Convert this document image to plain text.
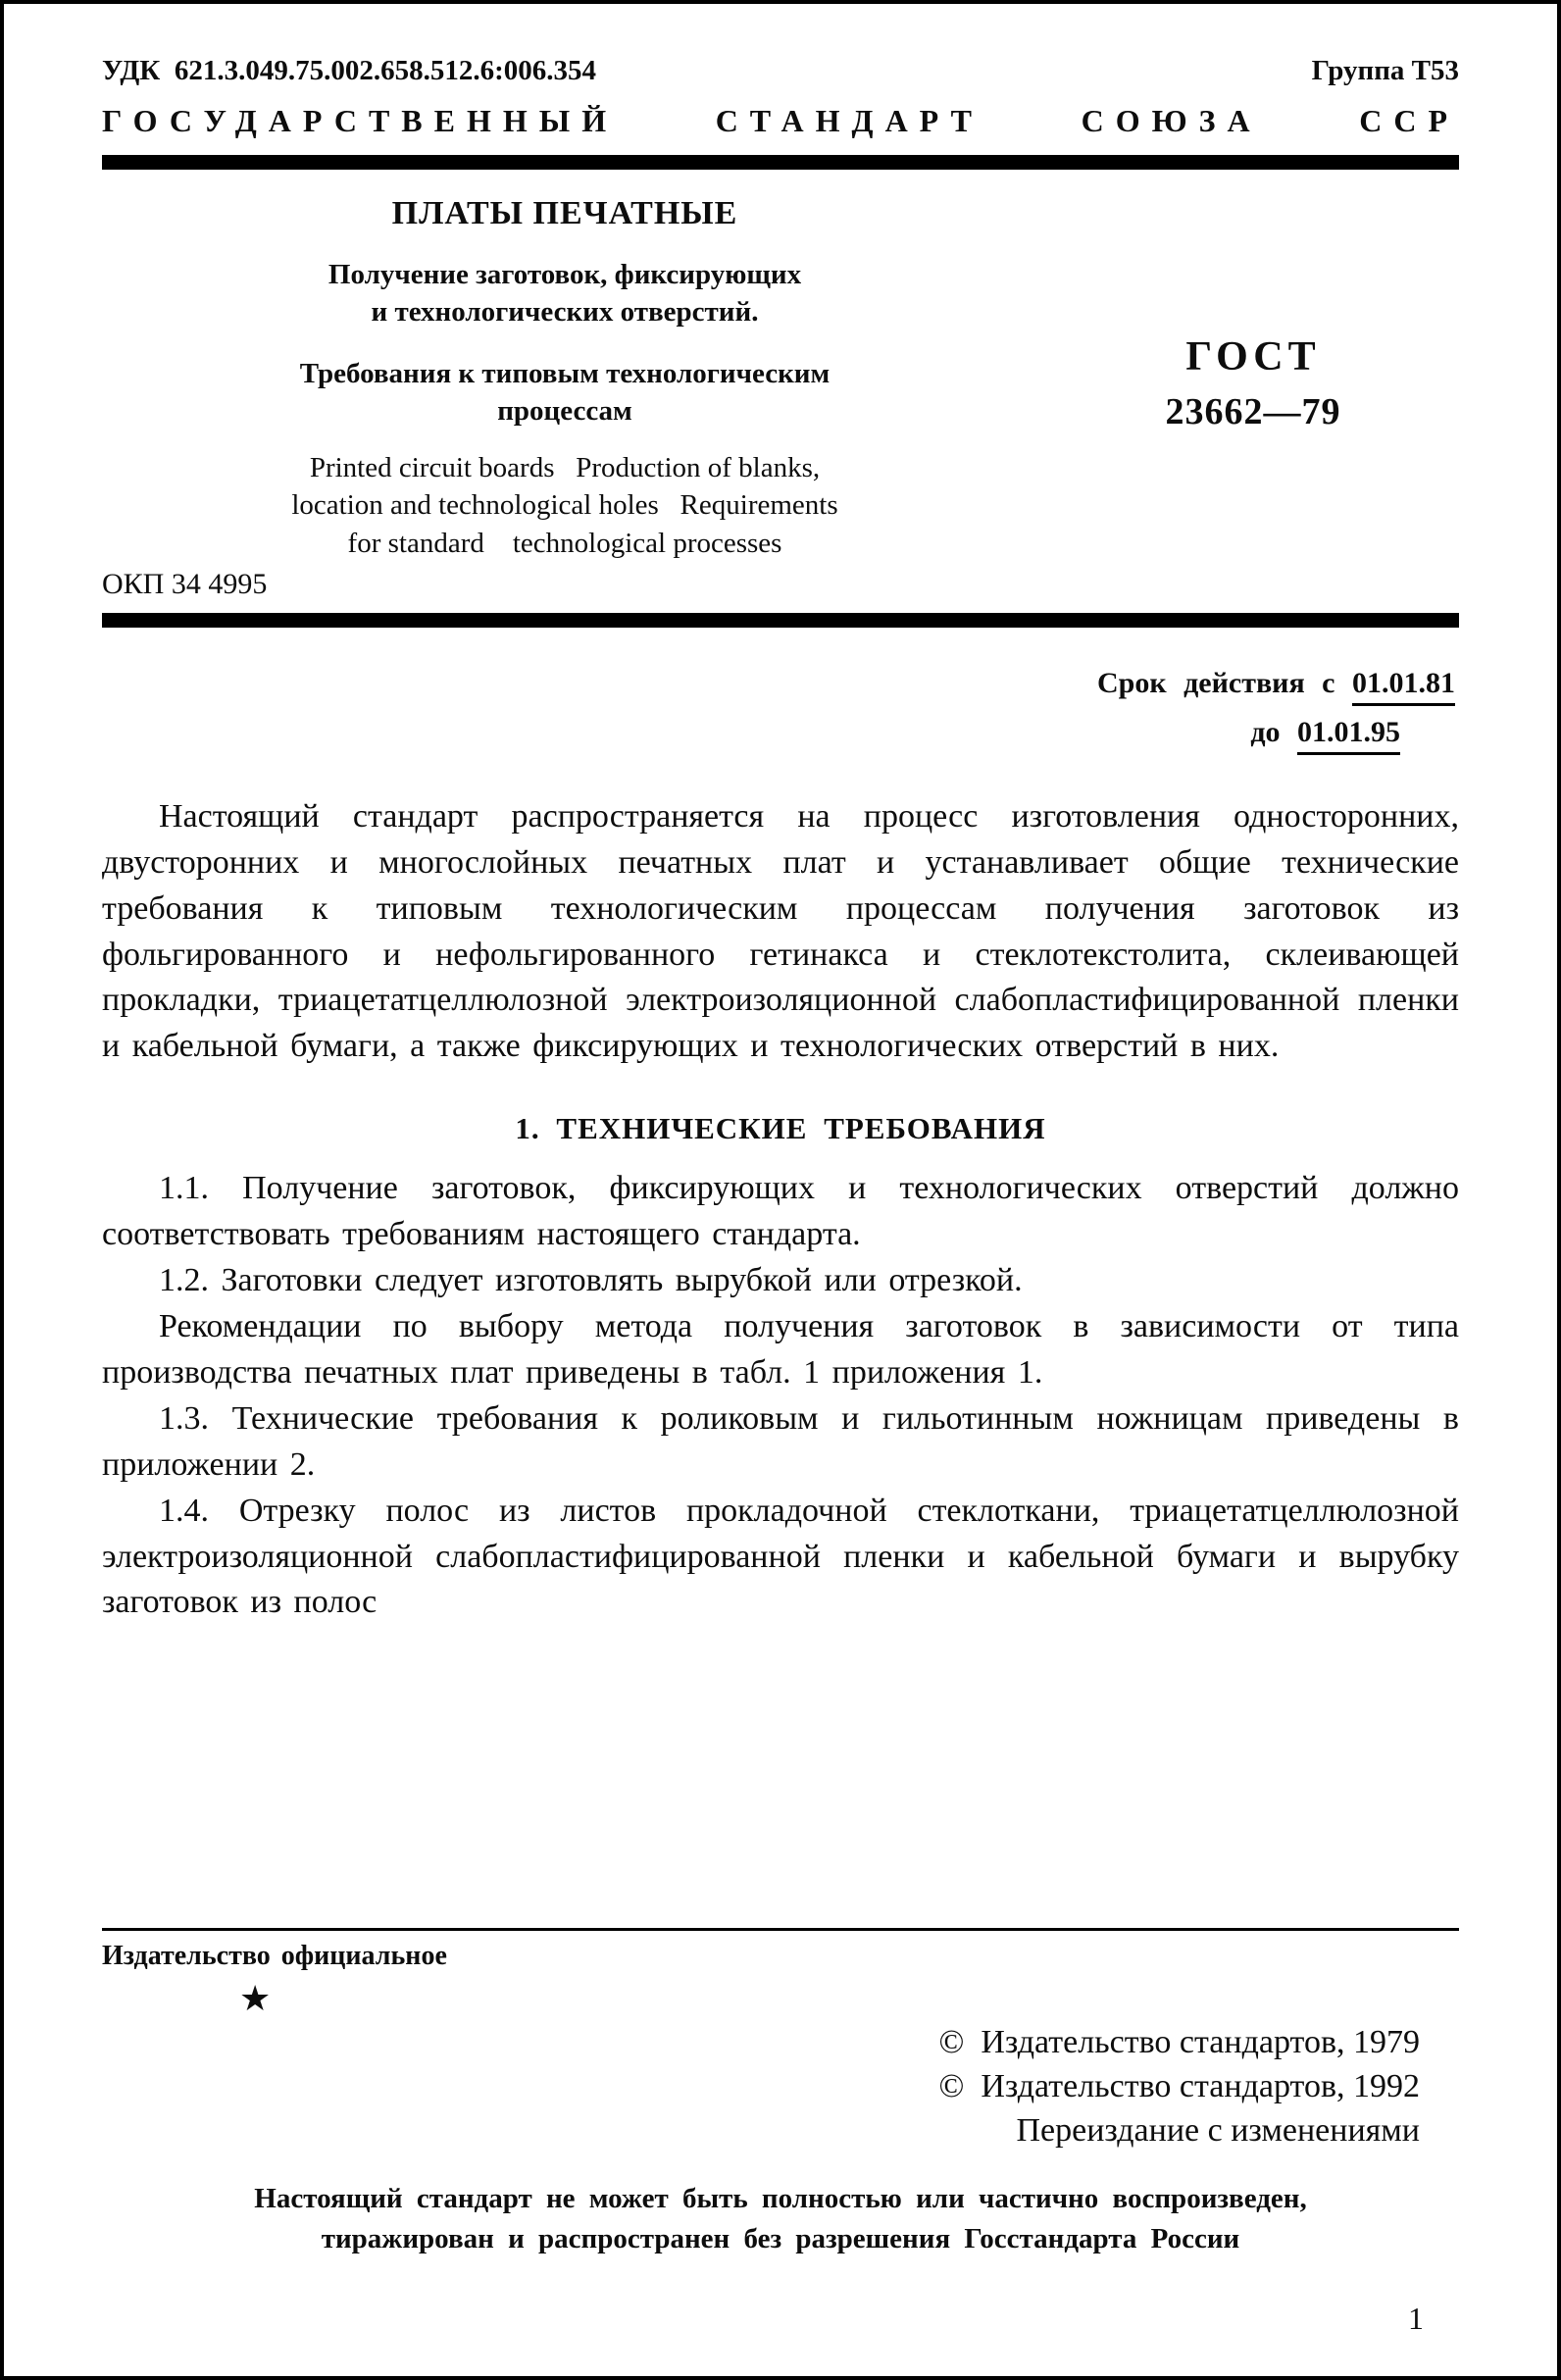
УДК  621.3.049.75.002.658.512.6:006.354	Группа Т53
ГОСУДАРСТВЕННЫЙ СТАНДАРТ СОЮЗА ССР
ПЛАТЫ ПЕЧАТНЫЕ
Получение заготовок, фиксирующих
и технологических отверстий.
Требования к типовым технологическим
процессам
Printed circuit boards   Production of blanks,
location and technological holes   Requirements
for standard    technological processes
ГОСТ
23662—79
ОКП 34 4995
Срок действия с 01.01.81
до 01.01.95

Настоящий стандарт распространяется на процесс изготовления односторонних, двусторонних и многослойных печатных плат и устанавливает общие технические требования к типовым технологическим процессам получения заготовок из фольгированного и нефольгированного гетинакса и стеклотекстолита, склеивающей прокладки, триацетатцеллюлозной электроизоляционной слабопластифицированной пленки и кабельной бумаги, а также фиксирующих и технологических отверстий в них.

1. ТЕХНИЧЕСКИЕ ТРЕБОВАНИЯ

1.1. Получение заготовок, фиксирующих и технологических отверстий должно соответствовать требованиям настоящего стандарта.

1.2. Заготовки следует изготовлять вырубкой или отрезкой.

Рекомендации по выбору метода получения заготовок в зависимости от типа производства печатных плат приведены в табл. 1 приложения 1.

1.3. Технические требования к роликовым и гильотинным ножницам приведены в приложении 2.

1.4. Отрезку полос из листов прокладочной стеклоткани, триацетатцеллюлозной электроизоляционной слабопластифицированной пленки и кабельной бумаги и вырубку заготовок из полос

Издательство официальное
★
©  Издательство стандартов, 1979
©  Издательство стандартов, 1992
Переиздание с изменениями
Настоящий стандарт не может быть полностью или частично воспроизведен,
тиражирован и распространен без разрешения Госстандарта России
1
